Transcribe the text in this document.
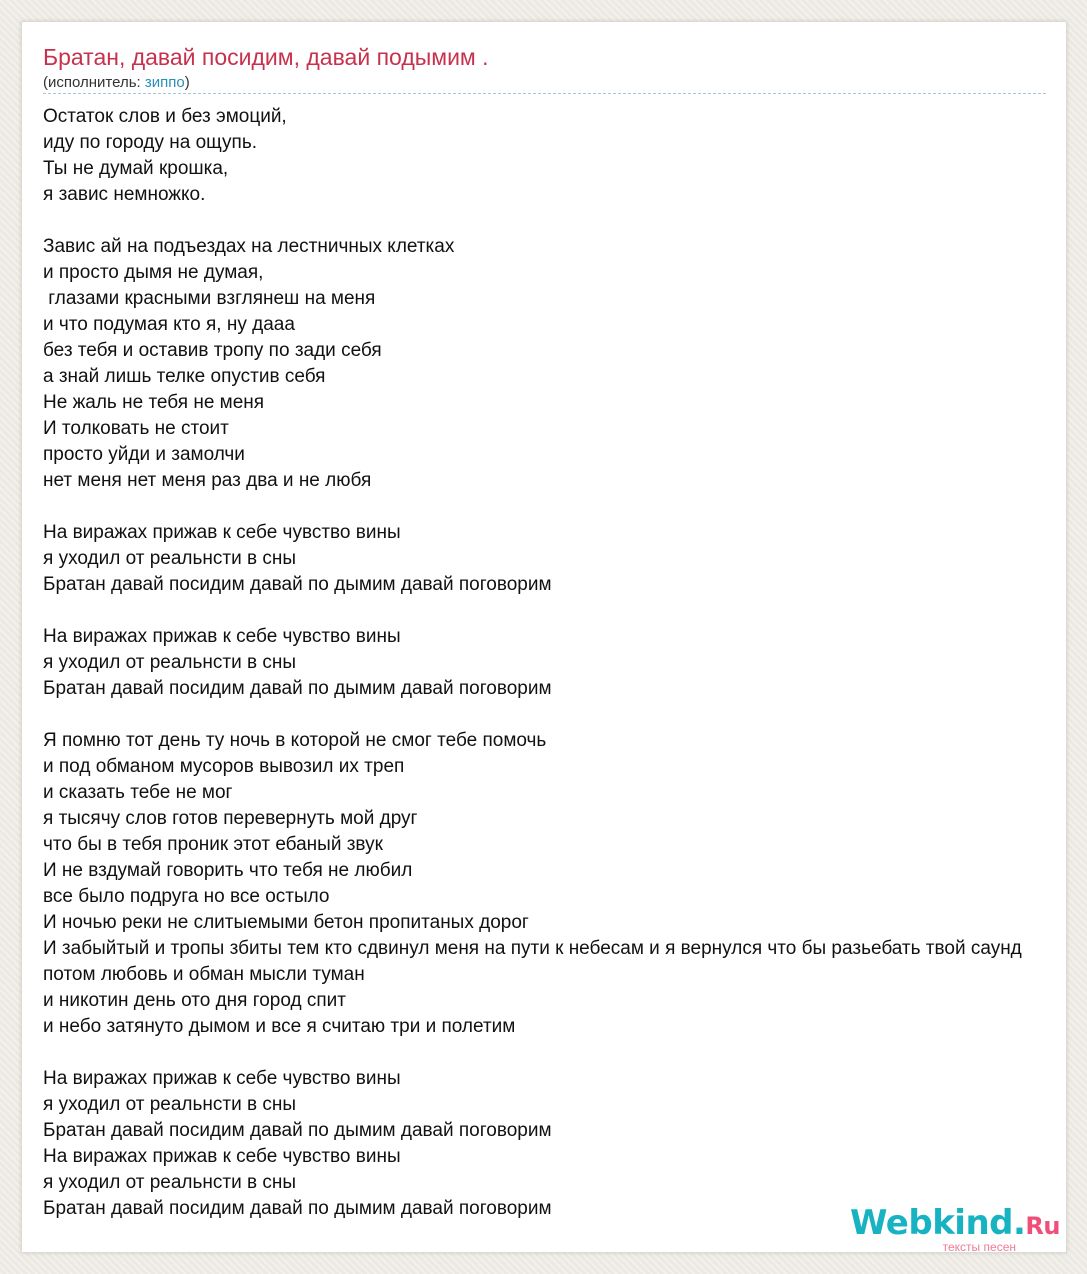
Братан, давай посидим, давай подымим .
(исполнитель: зиппо)
Остаток слов и без эмоций,
иду по городу на ощупь.
Ты не думай крошка,
я завис немножко.
Завис ай на подъездах на лестничных клетках
и просто дымя не думая,
глазами красными взглянеш на меня
и что подумая кто я, ну дааа
без тебя и оставив тропу по зади себя
а знай лишь телке опустив себя
Не жаль не тебя не меня
И толковать не стоит
просто уйди и замолчи
нет меня нет меня раз два и не любя
На виражах прижав к себе чувство вины
я уходил от реальнсти в сны
Братан давай посидим давай по дымим давай поговорим
На виражах прижав к себе чувство вины
я уходил от реальнсти в сны
Братан давай посидим давай по дымим давай поговорим
Я помню тот день ту ночь в которой не смог тебе помочь
и под обманом мусоров вывозил их треп
и сказать тебе не мог
я тысячу слов готов перевернуть мой друг
что бы в тебя проник этот ебаный звук
И не вздумай говорить что тебя не любил
все было подруга но все остыло
И ночью реки не слитыемыми бетон пропитаных дорог
И забыйтый и тропы збиты тем кто сдвинул меня на пути к небесам и я вернулся что бы разьебать твой саунд
потом любовь и обман мысли туман
и никотин день ото дня город спит
и небо затянуто дымом и все я считаю три и полетим
На виражах прижав к себе чувство вины
я уходил от реальнсти в сны
Братан давай посидим давай по дымим давай поговорим
На виражах прижав к себе чувство вины
я уходил от реальнсти в сны
Братан давай посидим давай по дымим давай поговорим	Webkind.Ru
тексты песен
